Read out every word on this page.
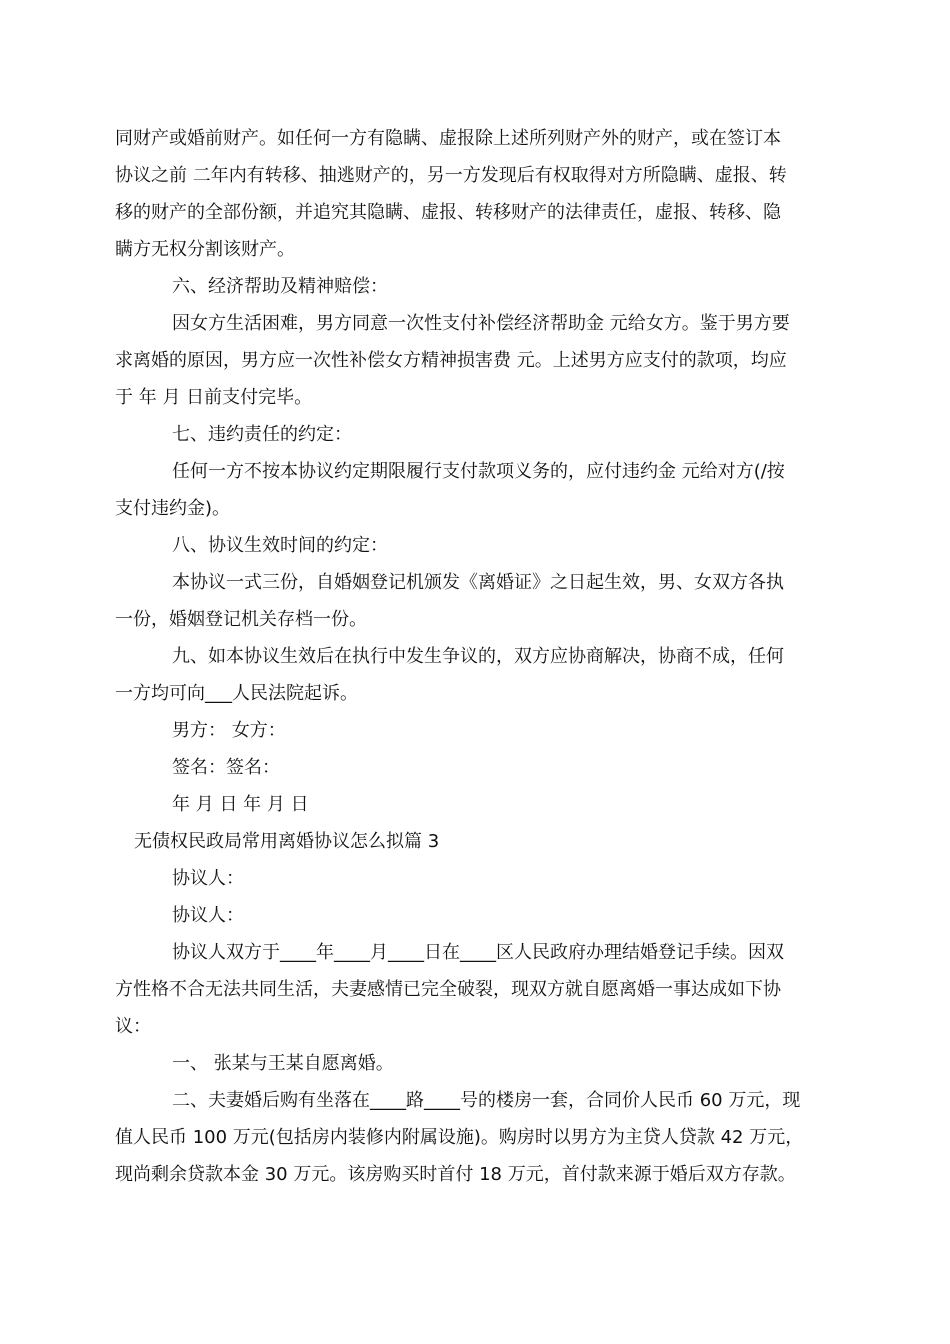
同财产或婚前财产。如任何一方有隐瞒、虚报除上述所列财产外的财产，或在签订本

协议之前 二年内有转移、抽逃财产的，另一方发现后有权取得对方所隐瞒、虚报、转

移的财产的全部份额，并追究其隐瞒、虚报、转移财产的法律责任，虚报、转移、隐

瞒方无权分割该财产。

六、经济帮助及精神赔偿：

因女方生活困难，男方同意一次性支付补偿经济帮助金 元给女方。鉴于男方要

求离婚的原因，男方应一次性补偿女方精神损害费 元。上述男方应支付的款项，均应

于 年 月 日前支付完毕。

七、违约责任的约定：

任何一方不按本协议约定期限履行支付款项义务的，应付违约金 元给对方(/按

支付违约金)。

八、协议生效时间的约定：

本协议一式三份，自婚姻登记机颁发《离婚证》之日起生效，男、女双方各执

一份，婚姻登记机关存档一份。

九、如本协议生效后在执行中发生争议的，双方应协商解决，协商不成，任何

一方均可向___人民法院起诉。

男方： 女方：

签名：签名：

年 月 日 年 月 日

无债权民政局常用离婚协议怎么拟篇 3

协议人：

协议人：

协议人双方于____年____月____日在____区人民政府办理结婚登记手续。因双

方性格不合无法共同生活，夫妻感情已完全破裂，现双方就自愿离婚一事达成如下协

议：

一、 张某与王某自愿离婚。

二、夫妻婚后购有坐落在____路____号的楼房一套，合同价人民币 60 万元，现

值人民币 100 万元(包括房内装修内附属设施)。购房时以男方为主贷人贷款 42 万元，

现尚剩余贷款本金 30 万元。该房购买时首付 18 万元，首付款来源于婚后双方存款。
